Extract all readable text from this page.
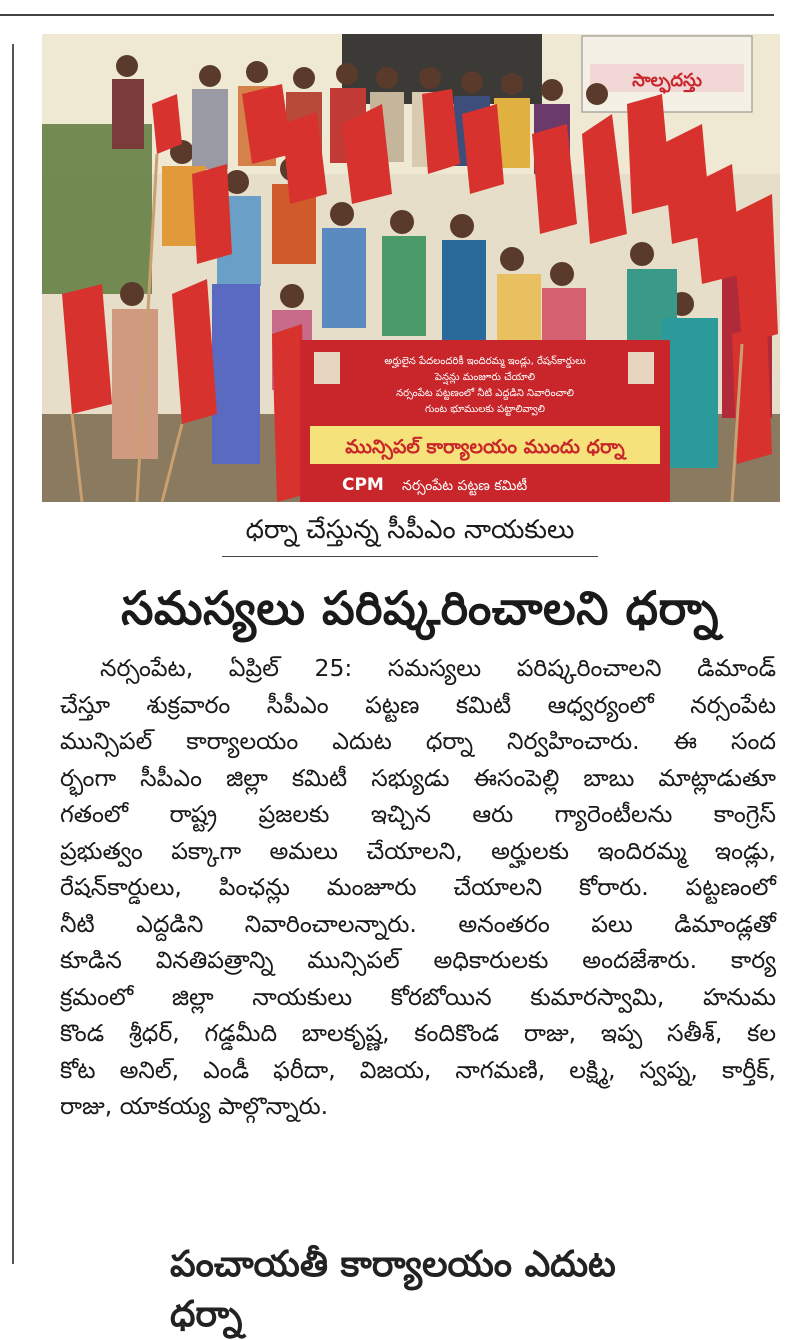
సాల్ఫదస్తు
అర్హులైన పేదలందరికీ ఇందిరమ్మ ఇండ్లు, రేషన్‌కార్డులు
పెన్షన్లు మంజూరు చేయాలి
నర్సంపేట పట్టణంలో నీటి ఎద్దడిని నివారించాలి
గుంట భూములకు పట్టాలివ్వాలి
మున్సిపల్ కార్యాలయం ముందు ధర్నా
CPM నర్సంపేట పట్టణ కమిటీ
ధర్నా చేస్తున్న సీపీఎం నాయకులు
సమస్యలు పరిష్కరించాలని ధర్నా
నర్సంపేట, ఏప్రిల్ 25: సమస్యలు పరిష్కరించాలని డిమాండ్
చేస్తూ శుక్రవారం సీపీఎం పట్టణ కమిటీ ఆధ్వర్యంలో నర్సంపేట
మున్సిపల్ కార్యాలయం ఎదుట ధర్నా నిర్వహించారు. ఈ సంద
ర్భంగా సీపీఎం జిల్లా కమిటీ సభ్యుడు ఈసంపెల్లి బాబు మాట్లాడుతూ
గతంలో రాష్ట్ర ప్రజలకు ఇచ్చిన ఆరు గ్యారెంటీలను కాంగ్రెస్
ప్రభుత్వం పక్కాగా అమలు చేయాలని, అర్హులకు ఇందిరమ్మ ఇండ్లు,
రేషన్‌కార్డులు, పింఛన్లు మంజూరు చేయాలని కోరారు. పట్టణంలో
నీటి ఎద్దడిని నివారించాలన్నారు. అనంతరం పలు డిమాండ్లతో
కూడిన వినతిపత్రాన్ని మున్సిపల్ అధికారులకు అందజేశారు. కార్య
క్రమంలో జిల్లా నాయకులు కోరబోయిన కుమారస్వామి, హనుమ
కొండ శ్రీధర్, గడ్డమీది బాలకృష్ణ, కందికొండ రాజు, ఇప్ప సతీశ్, కల
కోట అనిల్, ఎండీ ఫరీదా, విజయ, నాగమణి, లక్ష్మి, స్వప్న, కార్తీక్,
రాజు, యాకయ్య పాల్గొన్నారు.
పంచాయతీ కార్యాలయం ఎదుట ధర్నా
